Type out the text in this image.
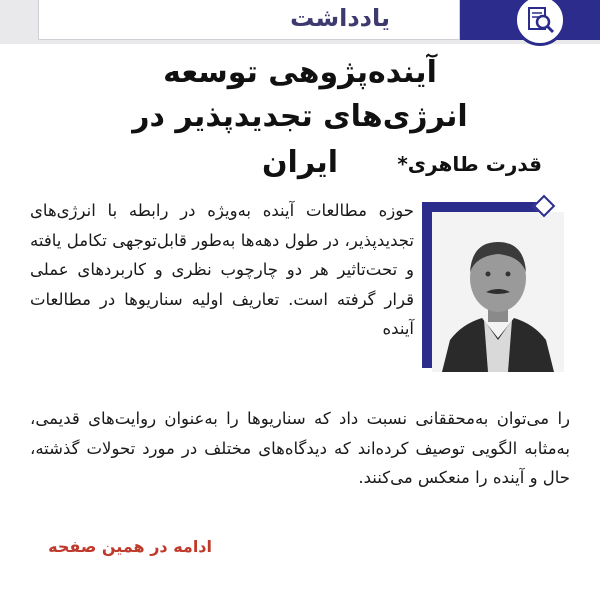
یادداشت
آینده‌پژوهی توسعه
انرژی‌های تجدیدپذیر در ایران	قدرت طاهری*
حوزه مطالعات آینده به‌ویژه در رابطه با انرژی‌های تجدیدپذیر، در طول دهه‌ها به‌طور قابل‌توجهی تکامل یافته و تحت‌تاثیر هر دو چارچوب نظری و کاربردهای عملی قرار گرفته است. تعاریف اولیه سناریوها در مطالعات آینده
را می‌توان به‌محققانی نسبت داد که سناریوها را به‌عنوان روایت‌های قدیمی، به‌مثابه الگویی توصیف کرده‌اند که دیدگاه‌های مختلف در مورد تحولات گذشته، حال و آینده را منعکس می‌کنند.
ادامه در همین صفحه
